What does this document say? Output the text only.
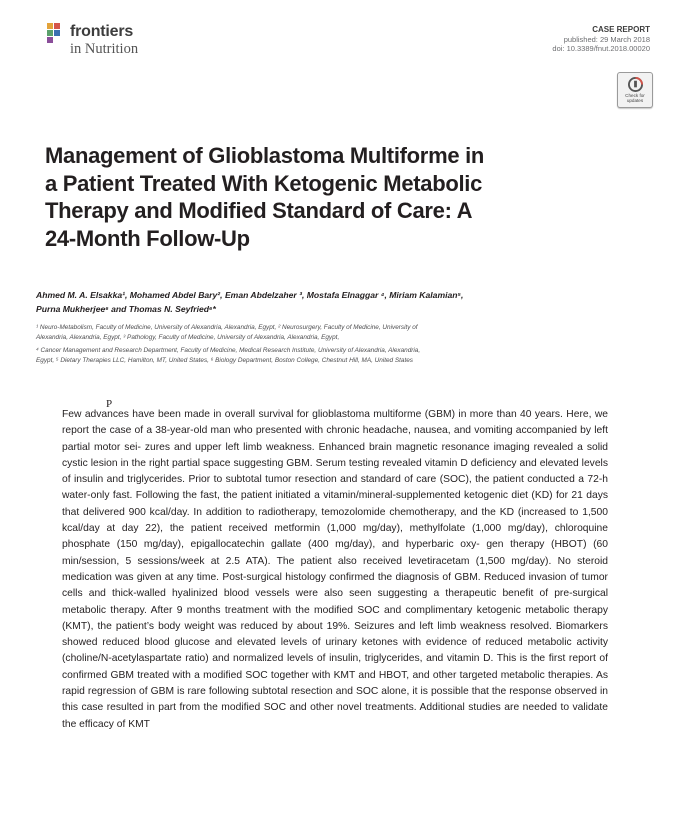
frontiers
in Nutrition
CASE REPORT
published: 29 March 2018
doi: 10.3389/fnut.2018.00020
Check for
updates
Management of Glioblastoma Multiforme in a Patient Treated With Ketogenic Metabolic Therapy and Modified Standard of Care: A 24-Month Follow-Up

Ahmed M. A. Elsakka¹, Mohamed Abdel Bary², Eman Abdelzaher ³, Mostafa Elnaggar ⁴, Miriam Kalamian⁵, Purna Mukherjee⁶ and Thomas N. Seyfried⁶*

¹ Neuro-Metabolism, Faculty of Medicine, University of Alexandria, Alexandria, Egypt, ² Neurosurgery, Faculty of Medicine, University of Alexandria, Alexandria, Egypt, ³ Pathology, Faculty of Medicine, University of Alexandria, Alexandria, Egypt,
⁴ Cancer Management and Research Department, Faculty of Medicine, Medical Research Institute, University of Alexandria, Alexandria, Egypt, ⁵ Dietary Therapies LLC, Hamilton, MT, United States, ⁶ Biology Department, Boston College, Chestnut Hill, MA, United States
P

Few advances have been made in overall survival for glioblastoma multiforme (GBM) in more than 40 years. Here, we report the case of a 38-year-old man who presented with chronic headache, nausea, and vomiting accompanied by left partial motor sei- zures and upper left limb weakness. Enhanced brain magnetic resonance imaging revealed a solid cystic lesion in the right partial space suggesting GBM. Serum testing revealed vitamin D deficiency and elevated levels of insulin and triglycerides. Prior to subtotal tumor resection and standard of care (SOC), the patient conducted a 72-h water-only fast. Following the fast, the patient initiated a vitamin/mineral-supplemented ketogenic diet (KD) for 21 days that delivered 900 kcal/day. In addition to radiotherapy, temozolomide chemotherapy, and the KD (increased to 1,500 kcal/day at day 22), the patient received metformin (1,000 mg/day), methylfolate (1,000 mg/day), chloroquine phosphate (150 mg/day), epigallocatechin gallate (400 mg/day), and hyperbaric oxy- gen therapy (HBOT) (60 min/session, 5 sessions/week at 2.5 ATA). The patient also received levetiracetam (1,500 mg/day). No steroid medication was given at any time. Post-surgical histology confirmed the diagnosis of GBM. Reduced invasion of tumor cells and thick-walled hyalinized blood vessels were also seen suggesting a therapeutic benefit of pre-surgical metabolic therapy. After 9 months treatment with the modified SOC and complimentary ketogenic metabolic therapy (KMT), the patient’s body weight was reduced by about 19%. Seizures and left limb weakness resolved. Biomarkers showed reduced blood glucose and elevated levels of urinary ketones with evidence of reduced metabolic activity (choline/N-acetylaspartate ratio) and normalized levels of insulin, triglycerides, and vitamin D. This is the first report of confirmed GBM treated with a modified SOC together with KMT and HBOT, and other targeted metabolic therapies. As rapid regression of GBM is rare following subtotal resection and SOC alone, it is possible that the response observed in this case resulted in part from the modified SOC and other novel treatments. Additional studies are needed to validate the efficacy of KMT
